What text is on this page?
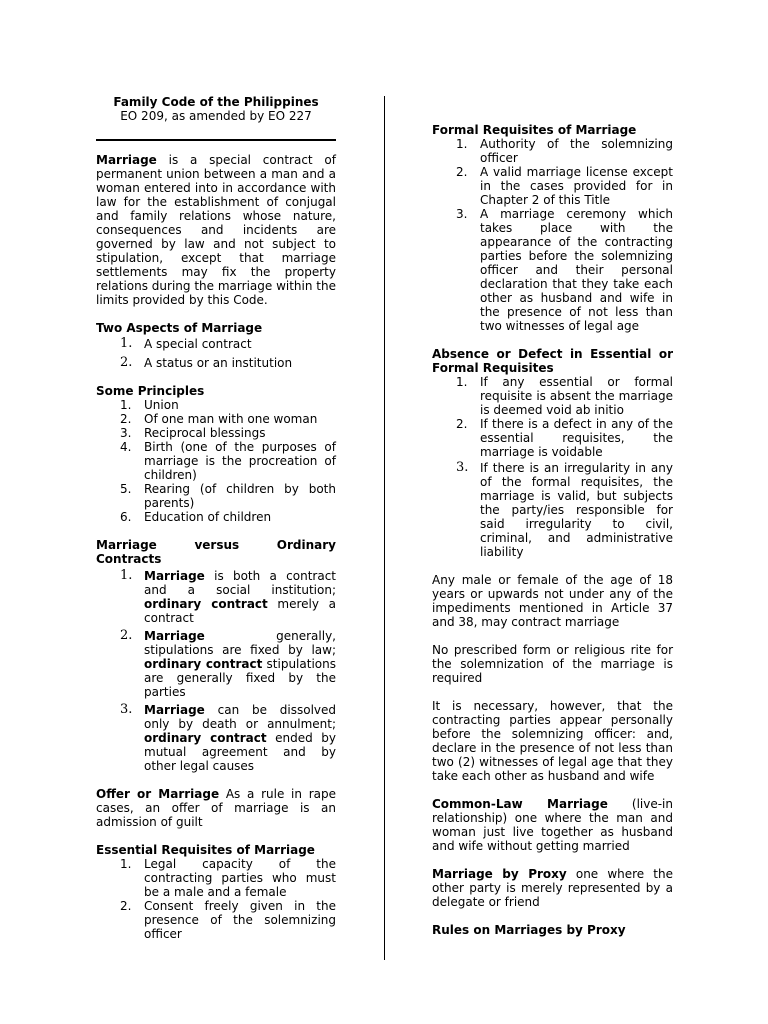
Family Code of the Philippines

EO 209, as amended by EO 227

Marriage is a special contract of permanent union between a man and a woman entered into in accordance with law for the establishment of conjugal and family relations whose nature, consequences and incidents are governed by law and not subject to stipulation, except that marriage settlements may fix the property relations during the marriage within the limits provided by this Code.

Two Aspects of Marriage

1. A special contract
2. A status or an institution

Some Principles

1. Union
2. Of one man with one woman
3. Reciprocal blessings
4. Birth (one of the purposes of marriage is the procreation of children)
5. Rearing (of children by both parents)
6. Education of children

Marriage versus Ordinary Contracts

1. Marriage is both a contract and a social institution; ordinary contract merely a contract
2. Marriage generally, stipulations are fixed by law; ordinary contract stipulations are generally fixed by the parties
3. Marriage can be dissolved only by death or annulment; ordinary contract ended by mutual agreement and by other legal causes

Offer or Marriage As a rule in rape cases, an offer of marriage is an admission of guilt

Essential Requisites of Marriage

1. Legal capacity of the contracting parties who must be a male and a female
2. Consent freely given in the presence of the solemnizing officer

Formal Requisites of Marriage

1. Authority of the solemnizing officer
2. A valid marriage license except in the cases provided for in Chapter 2 of this Title
3. A marriage ceremony which takes place with the appearance of the contracting parties before the solemnizing officer and their personal declaration that they take each other as husband and wife in the presence of not less than two witnesses of legal age

Absence or Defect in Essential or Formal Requisites

1. If any essential or formal requisite is absent the marriage is deemed void ab initio
2. If there is a defect in any of the essential requisites, the marriage is voidable
3. If there is an irregularity in any of the formal requisites, the marriage is valid, but subjects the party/ies responsible for said irregularity to civil, criminal, and administrative liability

Any male or female of the age of 18 years or upwards not under any of the impediments mentioned in Article 37 and 38, may contract marriage

No prescribed form or religious rite for the solemnization of the marriage is required

It is necessary, however, that the contracting parties appear personally before the solemnizing officer: and, declare in the presence of not less than two (2) witnesses of legal age that they take each other as husband and wife

Common-Law Marriage (live-in relationship) one where the man and woman just live together as husband and wife without getting married

Marriage by Proxy one where the other party is merely represented by a delegate or friend

Rules on Marriages by Proxy
